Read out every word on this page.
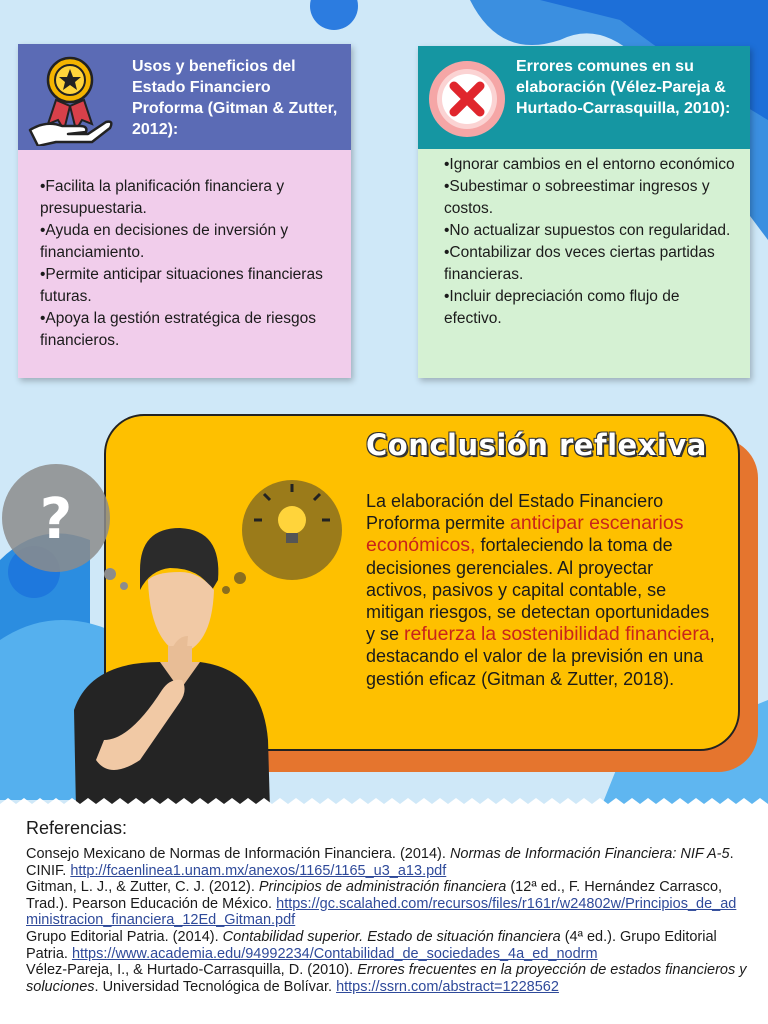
Usos y beneficios del Estado Financiero Proforma (Gitman & Zutter, 2012):

•Facilita la planificación financiera y presupuestaria.

•Ayuda en decisiones de inversión y financiamiento.

•Permite anticipar situaciones financieras futuras.

•Apoya la gestión estratégica de riesgos financieros.

Errores comunes en su elaboración (Vélez-Pareja & Hurtado-Carrasquilla, 2010):

•Ignorar cambios en el entorno económico

•Subestimar o sobreestimar ingresos y costos.

•No actualizar supuestos con regularidad.

•Contabilizar dos veces ciertas partidas financieras.

•Incluir depreciación como flujo de efectivo.

?
Conclusión reflexiva
La elaboración del Estado Financiero Proforma permite anticipar escenarios económicos, fortaleciendo la toma de decisiones gerenciales. Al proyectar activos, pasivos y capital contable, se mitigan riesgos, se detectan oportunidades y se refuerza la sostenibilidad financiera, destacando el valor de la previsión en una gestión eficaz (Gitman & Zutter, 2018).
Referencias:

Consejo Mexicano de Normas de Información Financiera. (2014). Normas de Información Financiera: NIF A-5. CINIF. http://fcaenlinea1.unam.mx/anexos/1165/1165_u3_a13.pdf

Gitman, L. J., & Zutter, C. J. (2012). Principios de administración financiera (12ª ed., F. Hernández Carrasco, Trad.). Pearson Educación de México. https://gc.scalahed.com/recursos/files/r161r/w24802w/Principios_de_administracion_financiera_12Ed_Gitman.pdf

Grupo Editorial Patria. (2014). Contabilidad superior. Estado de situación financiera (4ª ed.). Grupo Editorial Patria. https://www.academia.edu/94992234/Contabilidad_de_sociedades_4a_ed_nodrm

Vélez-Pareja, I., & Hurtado-Carrasquilla, D. (2010). Errores frecuentes en la proyección de estados financieros y soluciones. Universidad Tecnológica de Bolívar. https://ssrn.com/abstract=1228562
